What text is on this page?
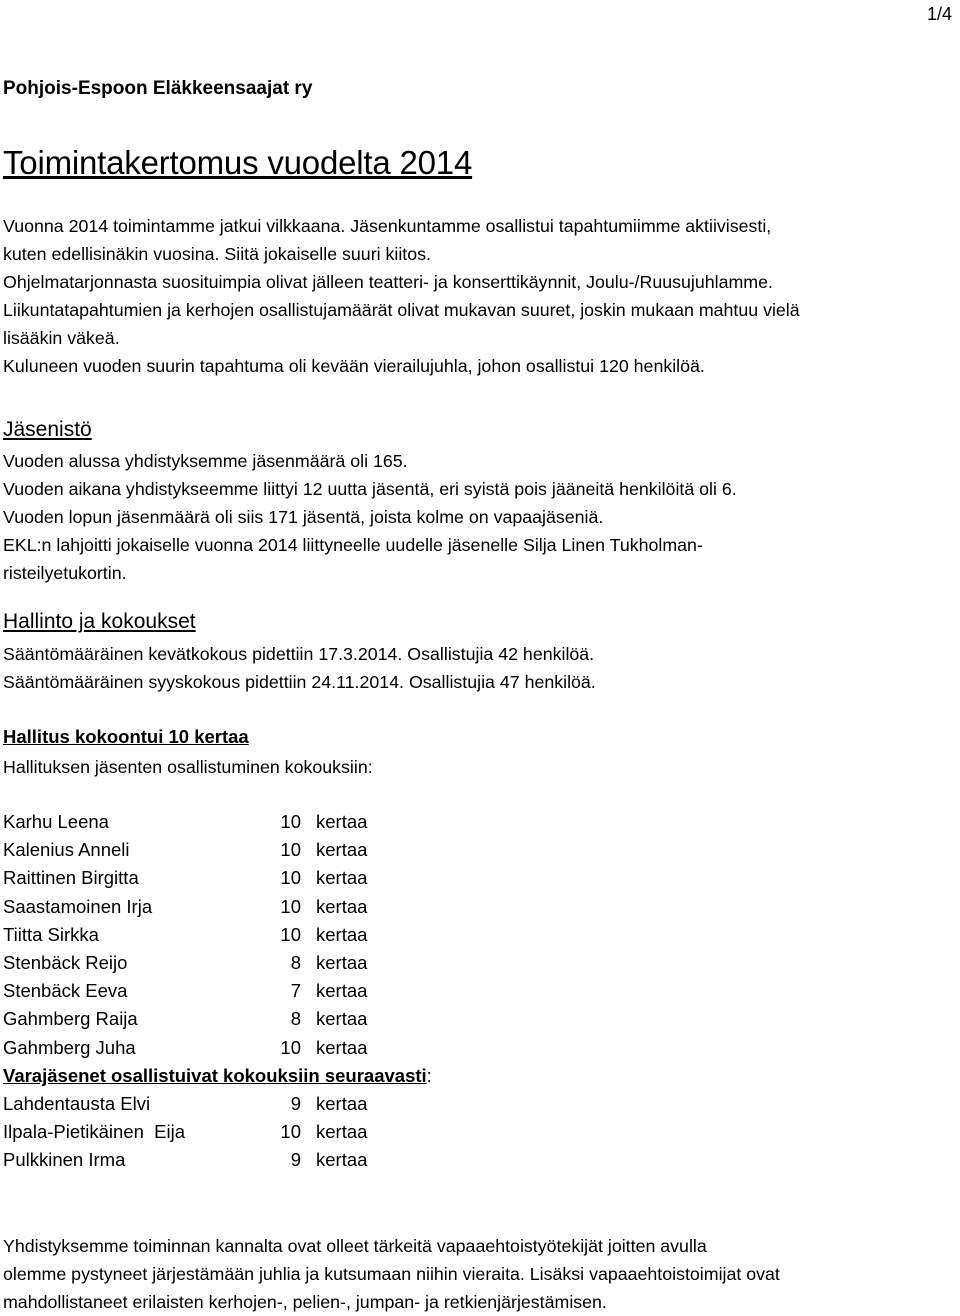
1/4
Pohjois-Espoon Eläkkeensaajat ry
Toimintakertomus vuodelta 2014
Vuonna 2014 toimintamme jatkui vilkkaana. Jäsenkuntamme osallistui tapahtumiimme aktiivisesti,
kuten edellisinäkin vuosina. Siitä jokaiselle suuri kiitos.
Ohjelmatarjonnasta suosituimpia olivat jälleen teatteri- ja konserttikäynnit, Joulu-/Ruusujuhlamme.
Liikuntatapahtumien ja kerhojen osallistujamäärät olivat mukavan suuret, joskin mukaan mahtuu vielä
lisääkin väkeä.
Kuluneen vuoden suurin tapahtuma oli kevään vierailujuhla, johon osallistui 120 henkilöä.
Jäsenistö
Vuoden alussa yhdistyksemme jäsenmäärä oli 165.
Vuoden aikana yhdistykseemme liittyi 12 uutta jäsentä, eri syistä pois jääneitä henkilöitä oli 6.
Vuoden lopun jäsenmäärä oli siis 171 jäsentä, joista kolme on vapaajäseniä.
EKL:n lahjoitti jokaiselle vuonna 2014 liittyneelle uudelle jäsenelle Silja Linen Tukholman-
risteilyetukortin.
Hallinto ja kokoukset
Sääntömääräinen kevätkokous pidettiin 17.3.2014. Osallistujia 42 henkilöä.
Sääntömääräinen syyskokous pidettiin 24.11.2014. Osallistujia 47 henkilöä.
Hallitus kokoontui 10 kertaa
Hallituksen jäsenten osallistuminen kokouksiin:
Karhu Leena	10 kertaa
Kalenius Anneli	10 kertaa
Raittinen Birgitta	10 kertaa
Saastamoinen Irja	10 kertaa
Tiitta Sirkka	10 kertaa
Stenbäck Reijo	8 kertaa
Stenbäck Eeva	7 kertaa
Gahmberg Raija	8 kertaa
Gahmberg Juha	10 kertaa
Varajäsenet osallistuivat kokouksiin seuraavasti:
Lahdentausta Elvi	9 kertaa
Ilpala-Pietikäinen  Eija	10 kertaa
Pulkkinen Irma	9 kertaa
Yhdistyksemme toiminnan kannalta ovat olleet tärkeitä vapaaehtoistyötekijät joitten avulla
olemme pystyneet järjestämään juhlia ja kutsumaan niihin vieraita. Lisäksi vapaaehtoistoimijat ovat
mahdollistaneet erilaisten kerhojen-, pelien-, jumpan- ja retkienjärjestämisen.
